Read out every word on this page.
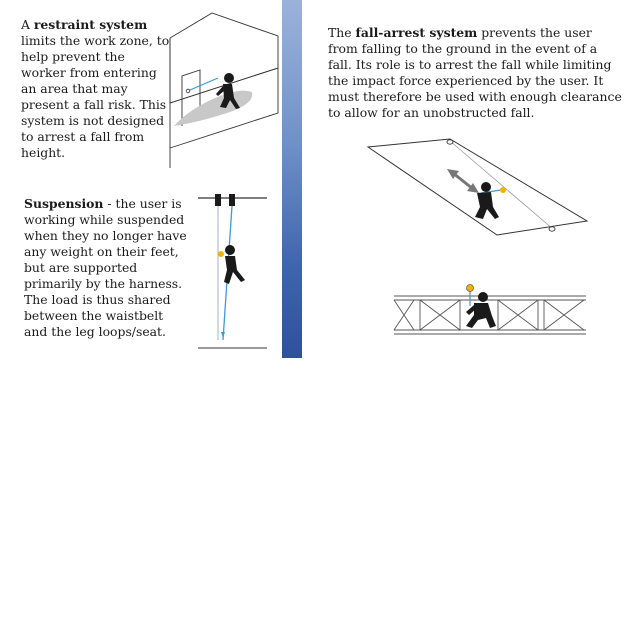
A restraint system limits the work zone, to help prevent the worker from entering an area that may present a fall risk. This system is not designed to arrest a fall from height.
Suspension - the user is working while suspended when they no longer have any weight on their feet, but are supported primarily by the harness. The load is thus shared between the waistbelt and the leg loops/seat.
The fall-arrest system prevents the user from falling to the ground in the event of a fall. Its role is to arrest the fall while limiting the impact force experienced by the user. It must therefore be used with enough clearance to allow for an unobstructed fall.
